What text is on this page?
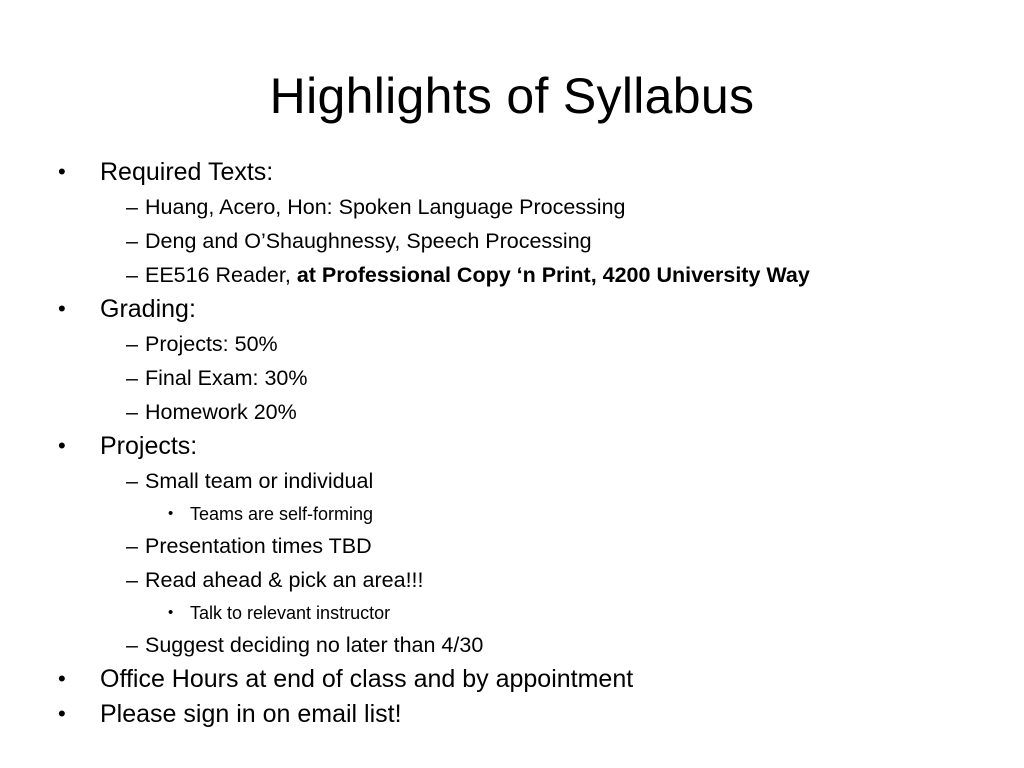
Highlights of Syllabus
• Required Texts:
– Huang, Acero, Hon: Spoken Language Processing
– Deng and O’Shaughnessy, Speech Processing
– EE516 Reader, at Professional Copy ‘n Print, 4200 University Way
• Grading:
– Projects: 50%
– Final Exam: 30%
– Homework 20%
• Projects:
– Small team or individual
• Teams are self-forming
– Presentation times TBD
– Read ahead & pick an area!!!
• Talk to relevant instructor
– Suggest deciding no later than 4/30
• Office Hours at end of class and by appointment
• Please sign in on email list!
